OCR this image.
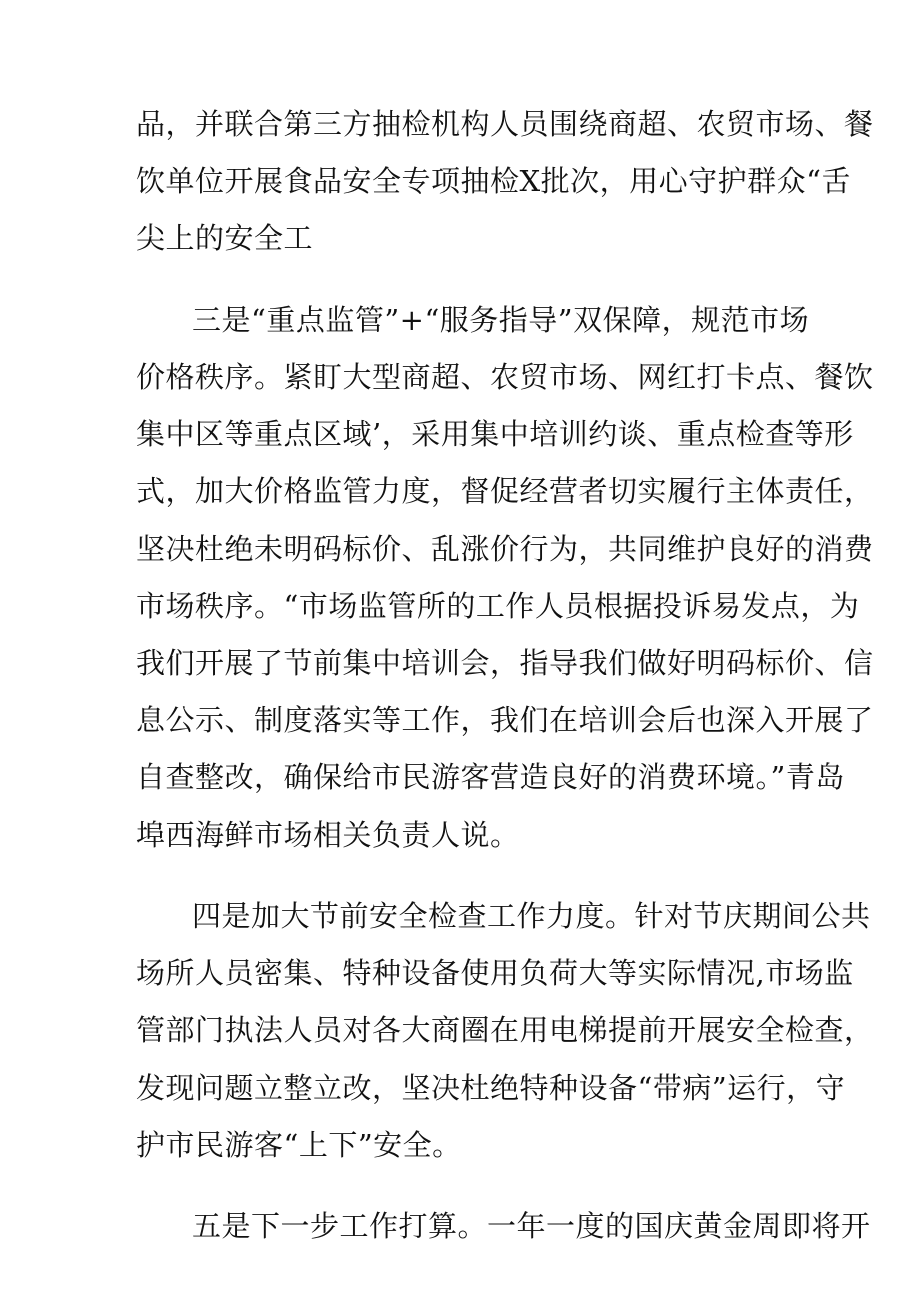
品，并联合第三方抽检机构人员围绕商超、农贸市场、餐
饮单位开展食品安全专项抽检X批次，用心守护群众“舌
尖上的安全工
三是“重点监管”+“服务指导”双保障，规范市场
价格秩序。紧盯大型商超、农贸市场、网红打卡点、餐饮
集中区等重点区域’，采用集中培训约谈、重点检查等形
式，加大价格监管力度，督促经营者切实履行主体责任，
坚决杜绝未明码标价、乱涨价行为，共同维护良好的消费
市场秩序。“市场监管所的工作人员根据投诉易发点，为
我们开展了节前集中培训会，指导我们做好明码标价、信
息公示、制度落实等工作，我们在培训会后也深入开展了
自查整改，确保给市民游客营造良好的消费环境。”青岛
埠西海鲜市场相关负责人说。
四是加大节前安全检查工作力度。针对节庆期间公共
场所人员密集、特种设备使用负荷大等实际情况,市场监
管部门执法人员对各大商圈在用电梯提前开展安全检查，
发现问题立整立改，坚决杜绝特种设备“带病”运行，守
护市民游客“上下”安全。
五是下一步工作打算。一年一度的国庆黄金周即将开
